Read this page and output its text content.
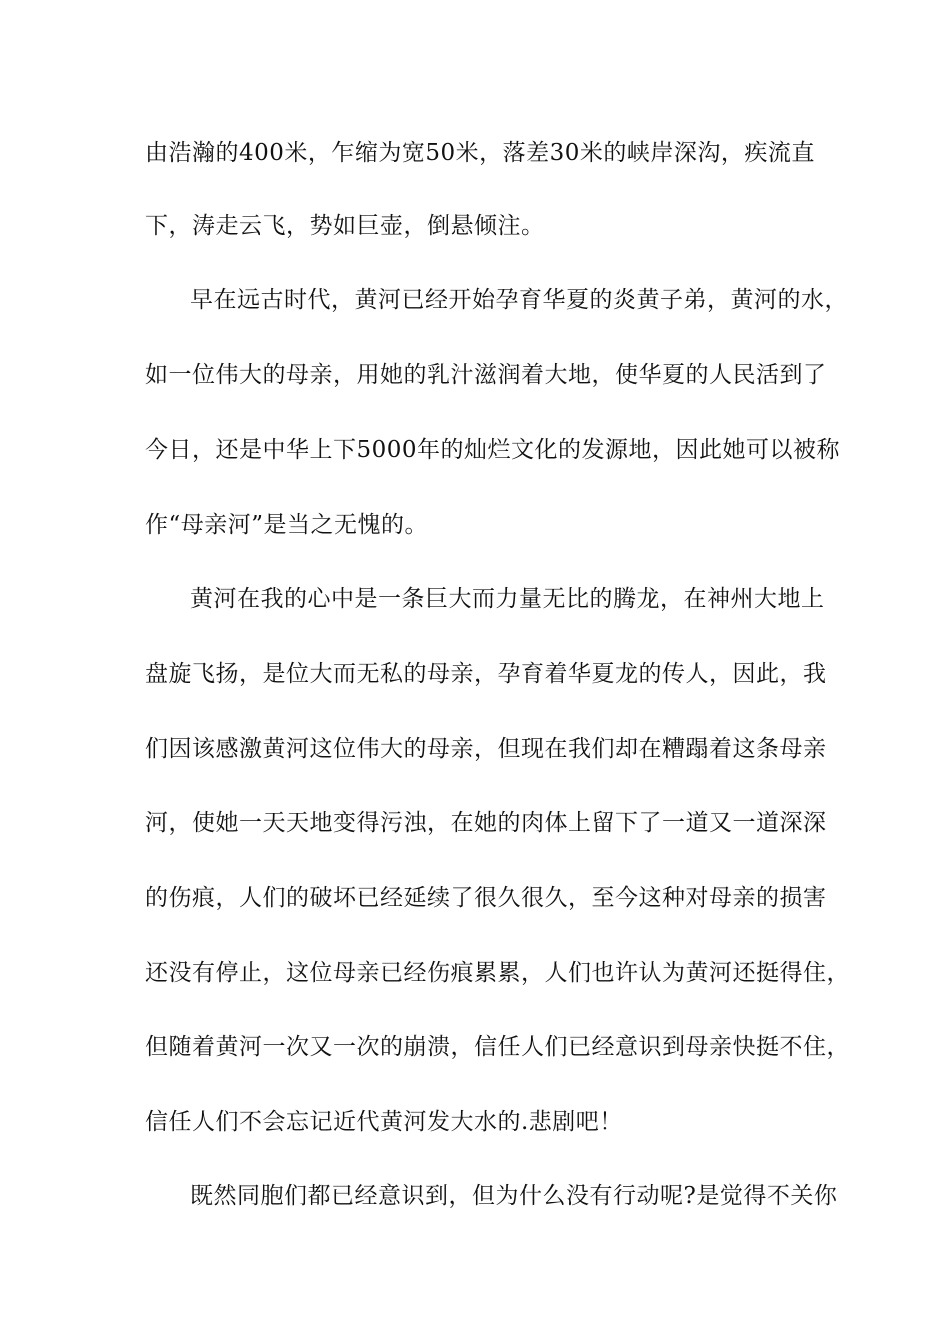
由浩瀚的400米，乍缩为宽50米，落差30米的峡岸深沟，疾流直
下，涛走云飞，势如巨壶，倒悬倾注。
早在远古时代，黄河已经开始孕育华夏的炎黄子弟，黄河的水，
如一位伟大的母亲，用她的乳汁滋润着大地，使华夏的人民活到了
今日，还是中华上下5000年的灿烂文化的发源地，因此她可以被称
作“母亲河”是当之无愧的。
黄河在我的心中是一条巨大而力量无比的腾龙，在神州大地上
盘旋飞扬，是位大而无私的母亲，孕育着华夏龙的传人，因此，我
们因该感激黄河这位伟大的母亲，但现在我们却在糟蹋着这条母亲
河，使她一天天地变得污浊，在她的肉体上留下了一道又一道深深
的伤痕，人们的破坏已经延续了很久很久，至今这种对母亲的损害
还没有停止，这位母亲已经伤痕累累，人们也许认为黄河还挺得住，
但随着黄河一次又一次的崩溃，信任人们已经意识到母亲快挺不住，
信任人们不会忘记近代黄河发大水的.悲剧吧！
既然同胞们都已经意识到，但为什么没有行动呢?是觉得不关你
